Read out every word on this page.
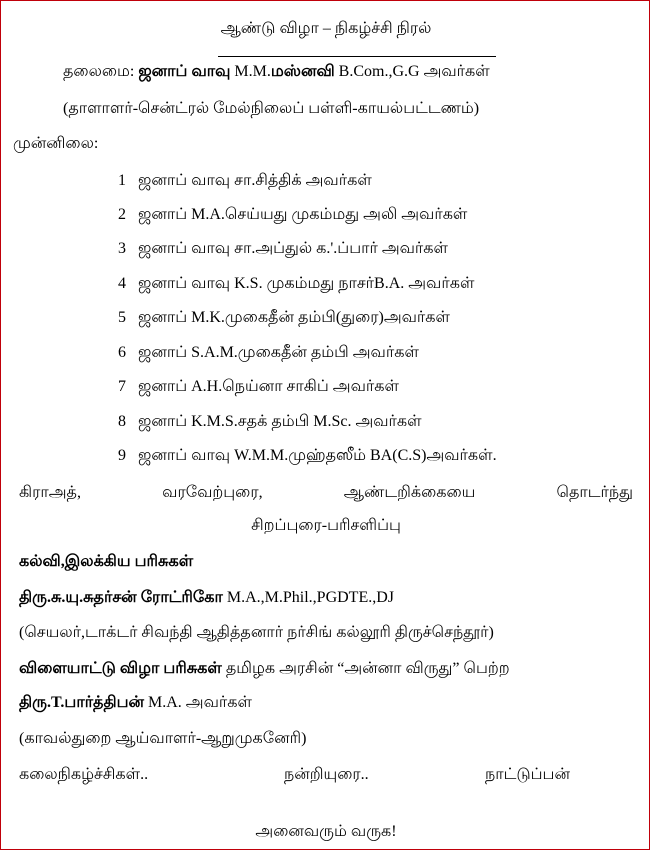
ஆண்டு விழா – நிகழ்ச்சி நிரல்
தலைமை: ஜனாப் வாவு M.M.மஸ்னவி B.Com.,G.G அவர்கள்
(தாளாளர்-சென்ட்ரல் மேல்நிலைப் பள்ளி-காயல்பட்டணம்)
முன்னிலை:
1 ஜனாப் வாவு சா.சித்திக் அவர்கள்
2 ஜனாப் M.A.செய்யது முகம்மது அலி அவர்கள்
3 ஜனாப் வாவு சா.அப்துல் க.'.ப்பார் அவர்கள்
4 ஜனாப் வாவு K.S. முகம்மது நாசர்B.A. அவர்கள்
5 ஜனாப் M.K.முகைதீன் தம்பி(துரை)அவர்கள்
6 ஜனாப் S.A.M.முகைதீன் தம்பி அவர்கள்
7 ஜனாப் A.H.நெய்னா சாகிப் அவர்கள்
8 ஜனாப் K.M.S.சதக் தம்பி M.Sc. அவர்கள்
9 ஜனாப் வாவு W.M.M.முஹ்தஸீம் BA(C.S)அவர்கள்.
கிராஅத்,	வரவேற்புரை,	ஆண்டறிக்கையை	தொடர்ந்து
சிறப்புரை-பரிசளிப்பு
கல்வி,இலக்கிய பரிசுகள்
திரு.சு.யு.சுதர்சன் ரோட்ரிகோ M.A.,M.Phil.,PGDTE.,DJ
(செயலர்,டாக்டர் சிவந்தி ஆதித்தனார் நர்சிங் கல்லூரி திருச்செந்தூர்)
விளையாட்டு விழா பரிசுகள் தமிழக அரசின் “அன்னா விருது” பெற்ற
திரு.T.பார்த்திபன் M.A. அவர்கள்
(காவல்துறை ஆய்வாளர்-ஆறுமுகனேரி)
கலைநிகழ்ச்சிகள்..	நன்றியுரை..	நாட்டுப்பன்
அனைவரும் வருக!
